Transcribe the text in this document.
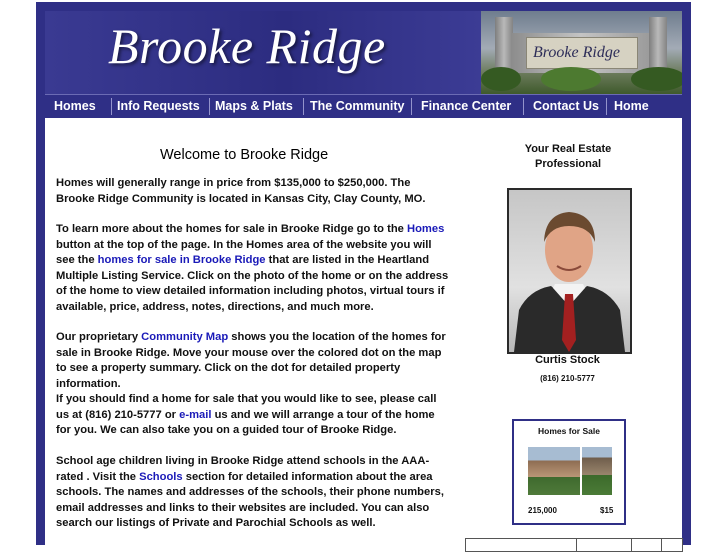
Brooke Ridge	Brooke Ridge
Homes Info Requests Maps & Plats The Community Finance Center Contact Us Home
Welcome to Brooke Ridge
Homes will generally range in price from $135,000 to $250,000. The Brooke Ridge Community is located in Kansas City, Clay County, MO.
To learn more about the homes for sale in Brooke Ridge go to the Homes button at the top of the page. In the Homes area of the website you will see the homes for sale in Brooke Ridge that are listed in the Heartland Multiple Listing Service. Click on the photo of the home or on the address of the home to view detailed information including photos, virtual tours if available, price, address, notes, directions, and much more.
Our proprietary Community Map shows you the location of the homes for sale in Brooke Ridge. Move your mouse over the colored dot on the map to see a property summary. Click on the dot for detailed property information.
If you should find a home for sale that you would like to see, please call us at (816) 210-5777 or e-mail us and we will arrange a tour of the home for you. We can also take you on a guided tour of Brooke Ridge.
School age children living in Brooke Ridge attend schools in the AAA-rated . Visit the Schools section for detailed information about the area schools. The names and addresses of the schools, their phone numbers, email addresses and links to their websites are included. You can also search our listings of Private and Parochial Schools as well.
Your Real Estate Professional
Curtis Stock
(816) 210-5777
Homes for Sale
215,000	$15
